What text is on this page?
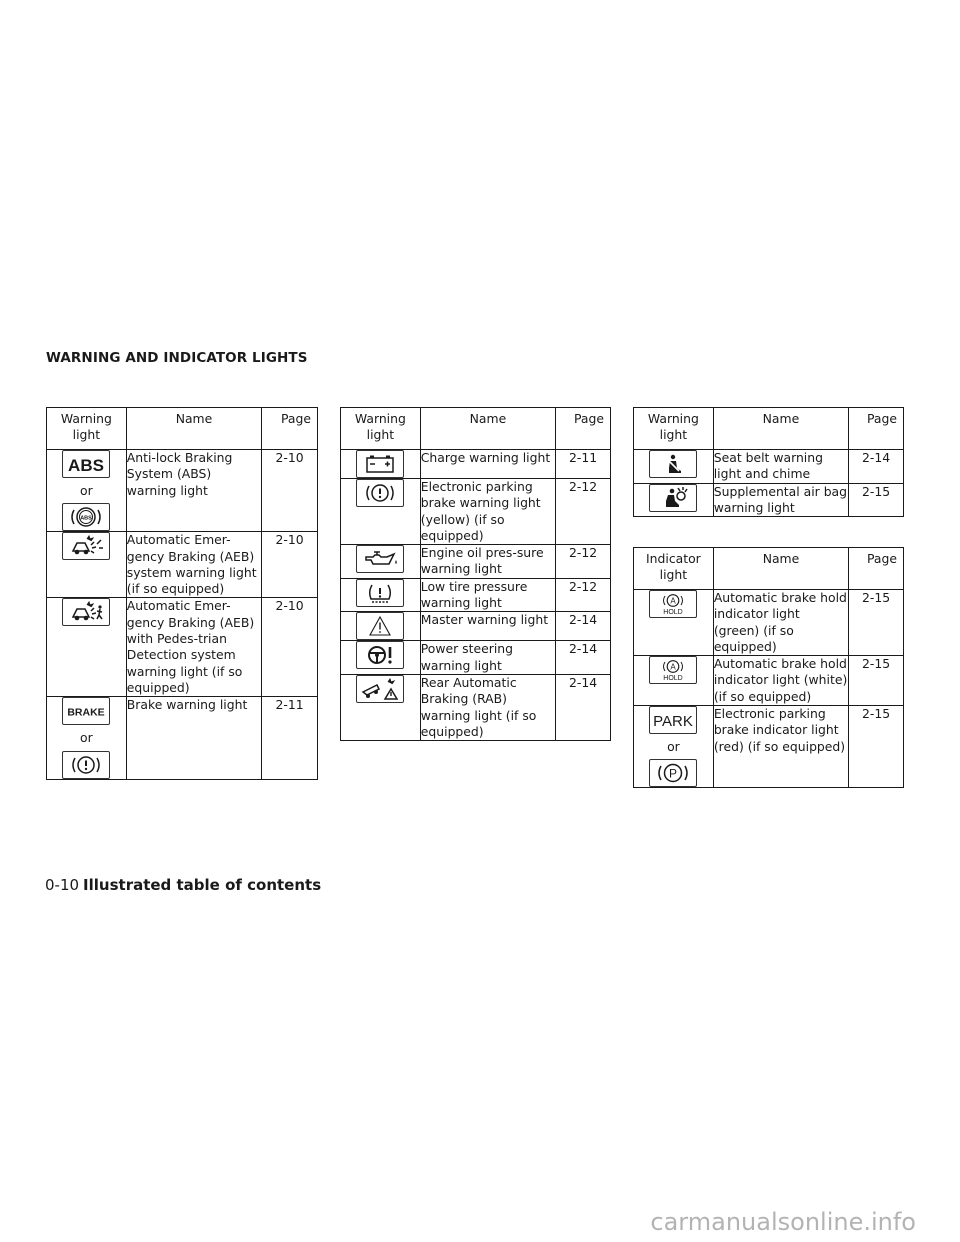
WARNING AND INDICATOR LIGHTS
Warning light	Name	Page

ABS
or
ABS	Anti-lock Braking System (ABS) warning light	2-10

	Automatic Emer-gency Braking (AEB) system warning light (if so equipped)	2-10

	Automatic Emer-gency Braking (AEB) with Pedes-trian Detection system warning light (if so equipped)	2-10

BRAKE
or	Brake warning light	2-11
Warning light	Name	Page

	Charge warning light	2-11

	Electronic parking brake warning light (yellow) (if so equipped)	2-12

	Engine oil pres-sure warning light	2-12

	Low tire pressure warning light	2-12

	Master warning light	2-14

	Power steering warning light	2-14

	Rear Automatic Braking (RAB) warning light (if so equipped)	2-14
Warning light	Name	Page

	Seat belt warning light and chime	2-14

	Supplemental air bag warning light	2-15
Indicator light	Name	Page

A
HOLD	Automatic brake hold indicator light (green) (if so equipped)	2-15

A
HOLD	Automatic brake hold indicator light (white) (if so equipped)	2-15

PARK
or
P	Electronic parking brake indicator light (red) (if so equipped)	2-15
0-10 Illustrated table of contents
carmanualsonline.info
